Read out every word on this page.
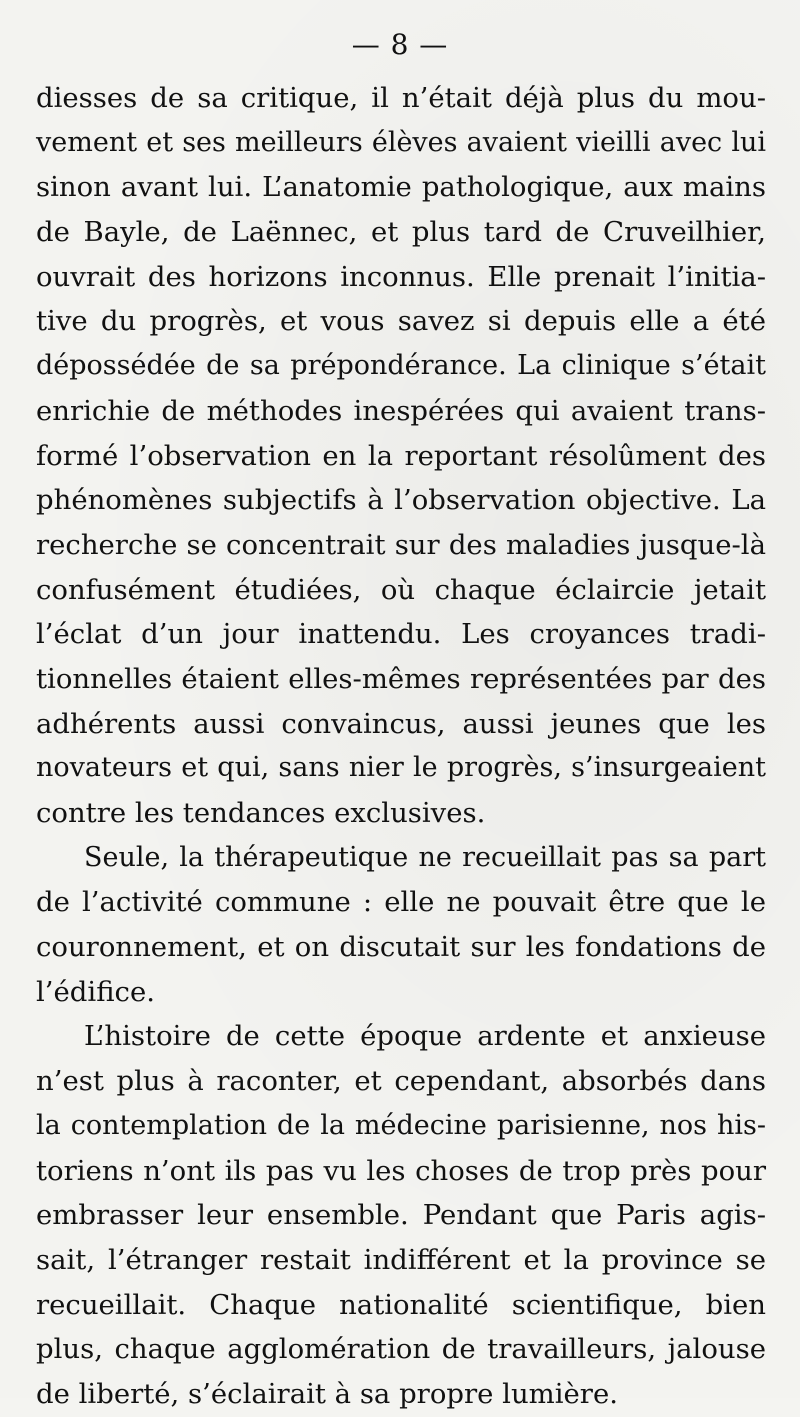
— 8 —
diesses de sa critique, il n’était déjà plus du mou-
vement et ses meilleurs élèves avaient vieilli avec lui
sinon avant lui. L’anatomie pathologique, aux mains
de Bayle, de Laënnec, et plus tard de Cruveilhier,
ouvrait des horizons inconnus. Elle prenait l’initia-
tive du progrès, et vous savez si depuis elle a été
dépossédée de sa prépondérance. La clinique s’était
enrichie de méthodes inespérées qui avaient trans-
formé l’observation en la reportant résolûment des
phénomènes subjectifs à l’observation objective. La
recherche se concentrait sur des maladies jusque-là
confusément étudiées, où chaque éclaircie jetait
l’éclat d’un jour inattendu. Les croyances tradi-
tionnelles étaient elles-mêmes représentées par des
adhérents aussi convaincus, aussi jeunes que les
novateurs et qui, sans nier le progrès, s’insurgeaient
contre les tendances exclusives.
Seule, la thérapeutique ne recueillait pas sa part
de l’activité commune : elle ne pouvait être que le
couronnement, et on discutait sur les fondations de
l’édifice.
L’histoire de cette époque ardente et anxieuse
n’est plus à raconter, et cependant, absorbés dans
la contemplation de la médecine parisienne, nos his-
toriens n’ont ils pas vu les choses de trop près pour
embrasser leur ensemble. Pendant que Paris agis-
sait, l’étranger restait indifférent et la province se
recueillait. Chaque nationalité scientifique, bien
plus, chaque agglomération de travailleurs, jalouse
de liberté, s’éclairait à sa propre lumière.
